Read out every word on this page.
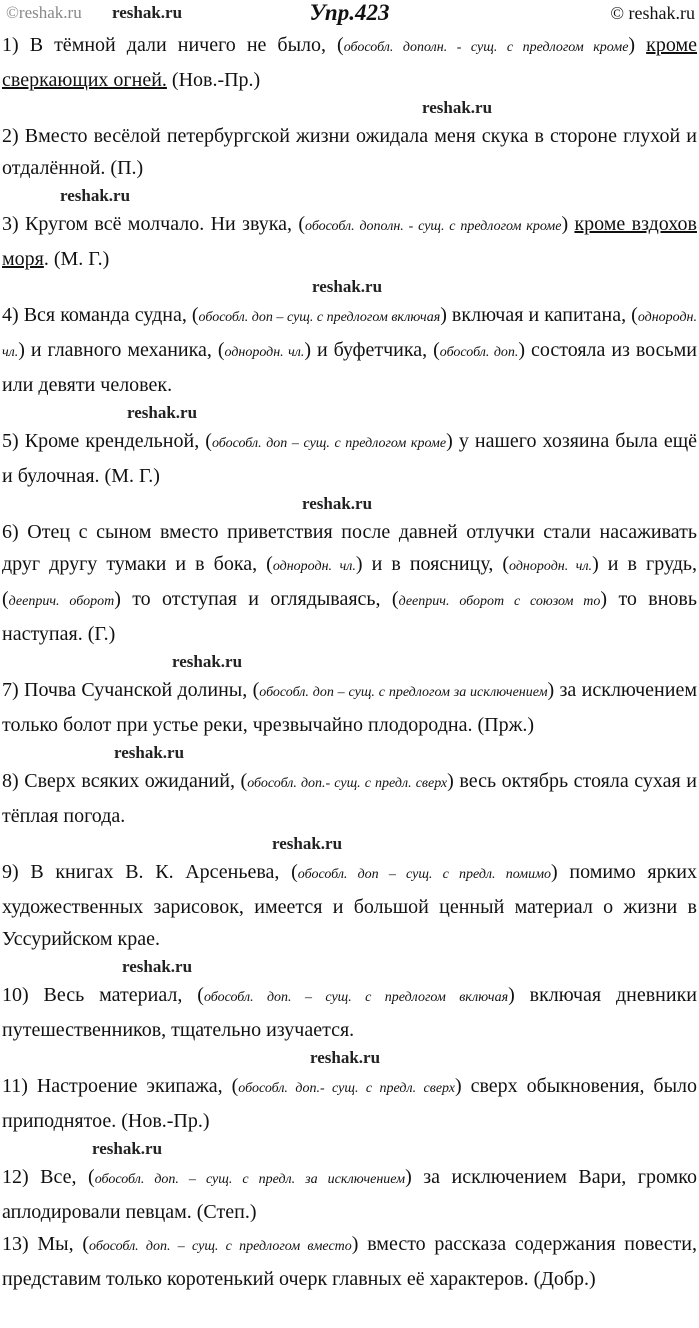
©reshak.ru reshak.ru	Упр.423	© reshak.ru

1) В тёмной дали ничего не было, (обособл. дополн. - сущ. с предлогом кроме) кроме сверкающих огней. (Нов.-Пр.)

reshak.ru

2) Вместо весёлой петербургской жизни ожидала меня скука в стороне глухой и отдалённой. (П.)

reshak.ru

3) Кругом всё молчало. Ни звука, (обособл. дополн. - сущ. с предлогом кроме) кроме вздохов моря. (М. Г.)

reshak.ru

4) Вся команда судна, (обособл. доп – сущ. с предлогом включая) включая и капитана, (однородн. чл.) и главного механика, (однородн. чл.) и буфетчика, (обособл. доп.) состояла из восьми или девяти человек.

reshak.ru

5) Кроме крендельной, (обособл. доп – сущ. с предлогом кроме) у нашего хозяина была ещё и булочная. (М. Г.)

reshak.ru

6) Отец с сыном вместо приветствия после давней отлучки стали насаживать друг другу тумаки и в бока, (однородн. чл.) и в поясницу, (однородн. чл.) и в грудь, (дееприч. оборот) то отступая и оглядываясь, (дееприч. оборот с союзом то) то вновь наступая. (Г.)

reshak.ru

7) Почва Сучанской долины, (обособл. доп – сущ. с предлогом за исключением) за исключением только болот при устье реки, чрезвычайно плодородна. (Прж.)

reshak.ru

8) Сверх всяких ожиданий, (обособл. доп.- сущ. с предл. сверх) весь октябрь стояла сухая и тёплая погода.

reshak.ru

9) В книгах В. К. Арсеньева, (обособл. доп – сущ. с предл. помимо) помимо ярких художественных зарисовок, имеется и большой ценный материал о жизни в Уссурийском крае.

reshak.ru

10) Весь материал, (обособл. доп. – сущ. с предлогом включая) включая дневники путешественников, тщательно изучается.

reshak.ru

11) Настроение экипажа, (обособл. доп.- сущ. с предл. сверх) сверх обыкновения, было приподнятое. (Нов.-Пр.)

reshak.ru

12) Все, (обособл. доп. – сущ. с предл. за исключением) за исключением Вари, громко аплодировали певцам. (Степ.)

13) Мы, (обособл. доп. – сущ. с предлогом вместо) вместо рассказа содержания повести, представим только коротенький очерк главных её характеров. (Добр.)
